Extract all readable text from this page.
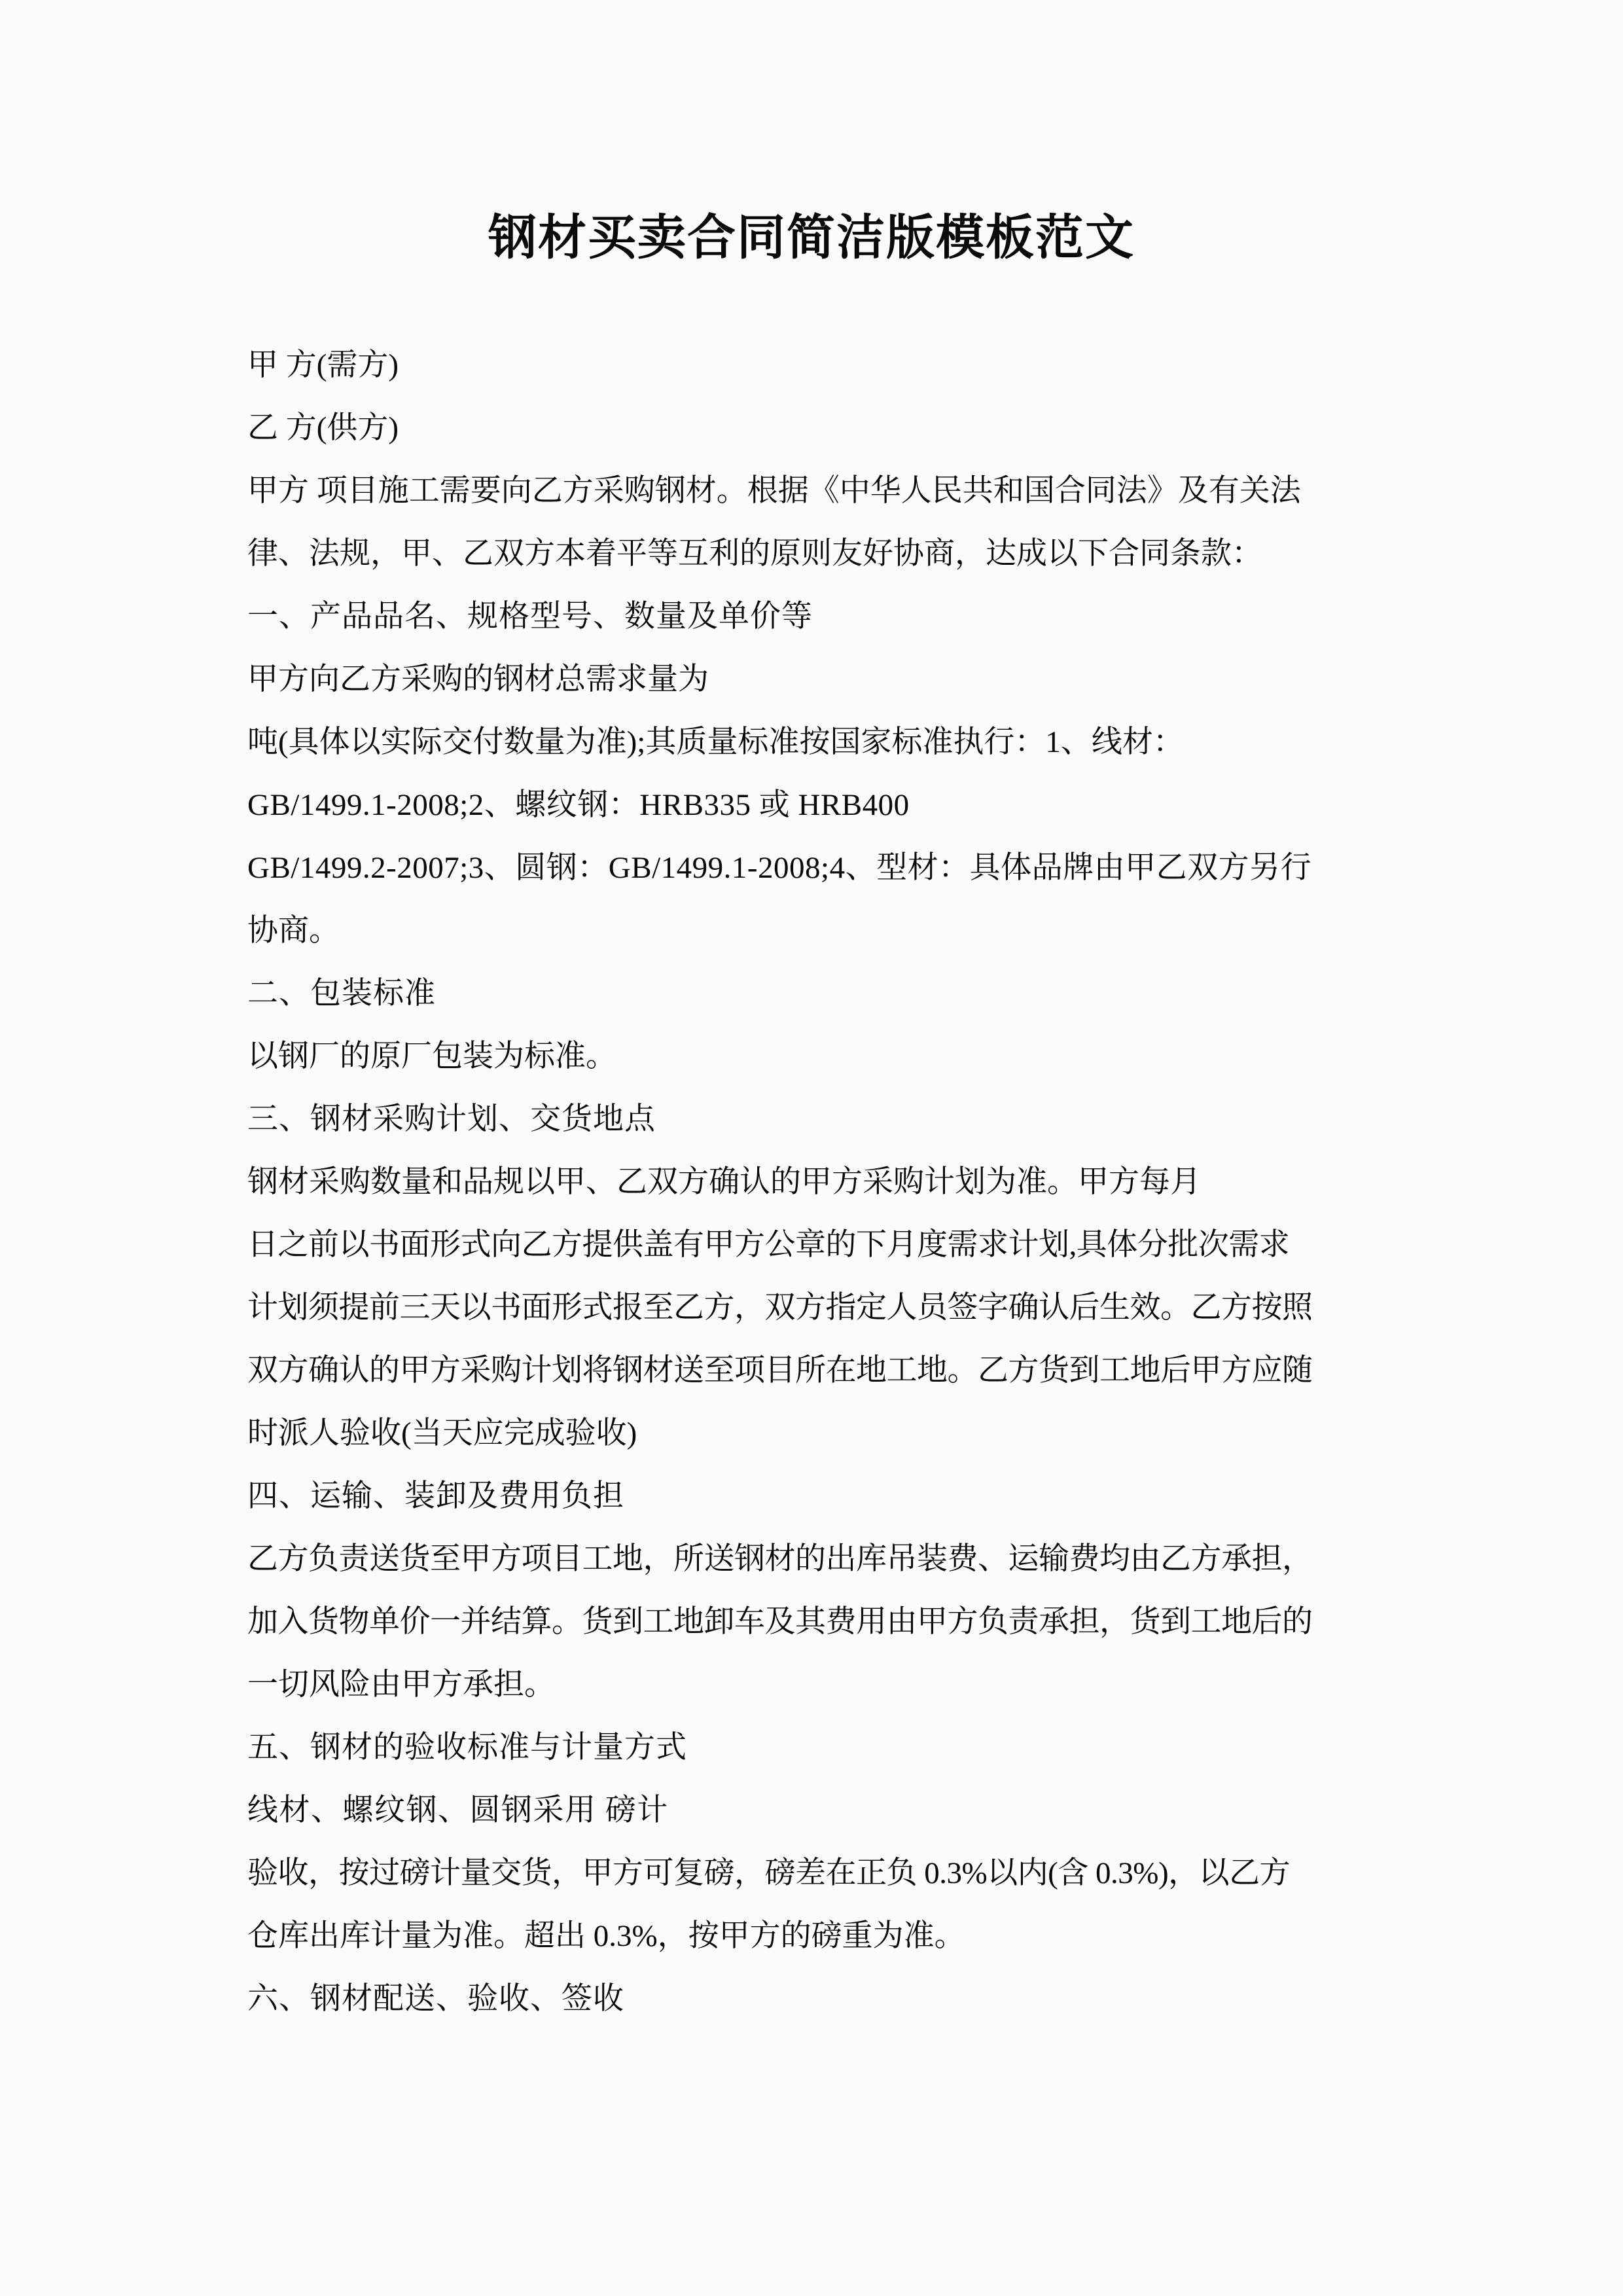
钢材买卖合同简洁版模板范文
甲 方(需方)
乙 方(供方)
甲方 项目施工需要向乙方采购钢材。根据《中华人民共和国合同法》及有关法
律、法规，甲、乙双方本着平等互利的原则友好协商，达成以下合同条款：
一、产品品名、规格型号、数量及单价等
甲方向乙方采购的钢材总需求量为
吨(具体以实际交付数量为准);其质量标准按国家标准执行：1、线材：
GB/1499.1-2008;2、螺纹钢：HRB335 或 HRB400
GB/1499.2-2007;3、圆钢：GB/1499.1-2008;4、型材：具体品牌由甲乙双方另行
协商。
二、包装标准
以钢厂的原厂包装为标准。
三、钢材采购计划、交货地点
钢材采购数量和品规以甲、乙双方确认的甲方采购计划为准。甲方每月
日之前以书面形式向乙方提供盖有甲方公章的下月度需求计划,具体分批次需求
计划须提前三天以书面形式报至乙方，双方指定人员签字确认后生效。乙方按照
双方确认的甲方采购计划将钢材送至项目所在地工地。乙方货到工地后甲方应随
时派人验收(当天应完成验收)
四、运输、装卸及费用负担
乙方负责送货至甲方项目工地，所送钢材的出库吊装费、运输费均由乙方承担，
加入货物单价一并结算。货到工地卸车及其费用由甲方负责承担，货到工地后的
一切风险由甲方承担。
五、钢材的验收标准与计量方式
线材、螺纹钢、圆钢采用 磅计
验收，按过磅计量交货，甲方可复磅，磅差在正负 0.3%以内(含 0.3%)，以乙方
仓库出库计量为准。超出 0.3%，按甲方的磅重为准。
六、钢材配送、验收、签收
